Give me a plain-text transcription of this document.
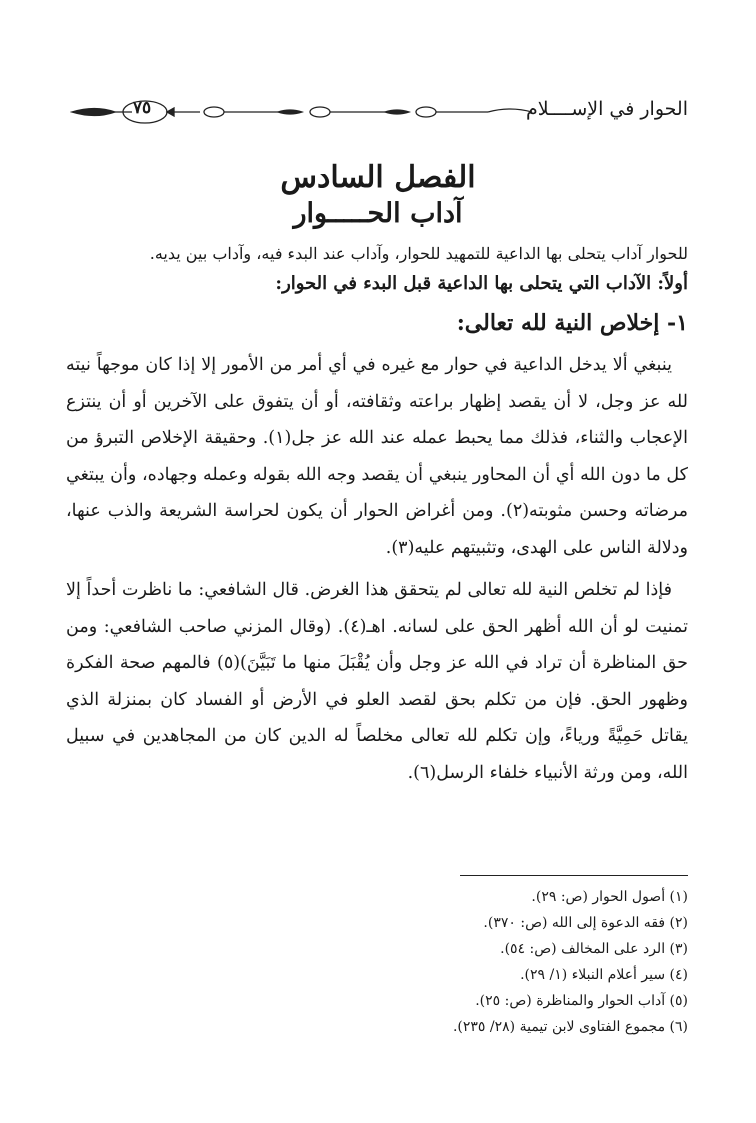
٧٥	الحوار في الإســــلام
الفصل السادس
آداب الحـــــوار

للحوار آداب يتحلى بها الداعية للتمهيد للحوار، وآداب عند البدء فيه، وآداب بين يديه.

أولاً: الآداب التي يتحلى بها الداعية قبل البدء في الحوار:
١- إخلاص النية لله تعالى:

ينبغي ألا يدخل الداعية في حوار مع غيره في أي أمر من الأمور إلا إذا كان موجهاً نيته لله عز وجل، لا أن يقصد إظهار براعته وثقافته، أو أن يتفوق على الآخرين أو أن ينتزع الإعجاب والثناء، فذلك مما يحبط عمله عند الله عز جل(١). وحقيقة الإخلاص التبرؤ من كل ما دون الله أي أن المحاور ينبغي أن يقصد وجه الله بقوله وعمله وجهاده، وأن يبتغي مرضاته وحسن مثوبته(٢). ومن أغراض الحوار أن يكون لحراسة الشريعة والذب عنها، ودلالة الناس على الهدى، وتثبيتهم عليه(٣).

فإذا لم تخلص النية لله تعالى لم يتحقق هذا الغرض. قال الشافعي: ما ناظرت أحداً إلا تمنيت لو أن الله أظهر الحق على لسانه. اهـ(٤). (وقال المزني صاحب الشافعي: ومن حق المناظرة أن تراد في الله عز وجل وأن يُقْبَلَ منها ما تَبَيَّنَ)(٥) فالمهم صحة الفكرة وظهور الحق. فإن من تكلم بحق لقصد العلو في الأرض أو الفساد كان بمنزلة الذي يقاتل حَمِيَّةً ورياءً، وإن تكلم لله تعالى مخلصاً له الدين كان من المجاهدين في سبيل الله، ومن ورثة الأنبياء خلفاء الرسل(٦).

(١) أصول الحوار (ص: ٢٩).
(٢) فقه الدعوة إلى الله (ص: ٣٧٠).
(٣) الرد على المخالف (ص: ٥٤).
(٤) سير أعلام النبلاء (١/ ٢٩).
(٥) آداب الحوار والمناظرة (ص: ٢٥).
(٦) مجموع الفتاوى لابن تيمية (٢٨/ ٢٣٥).
